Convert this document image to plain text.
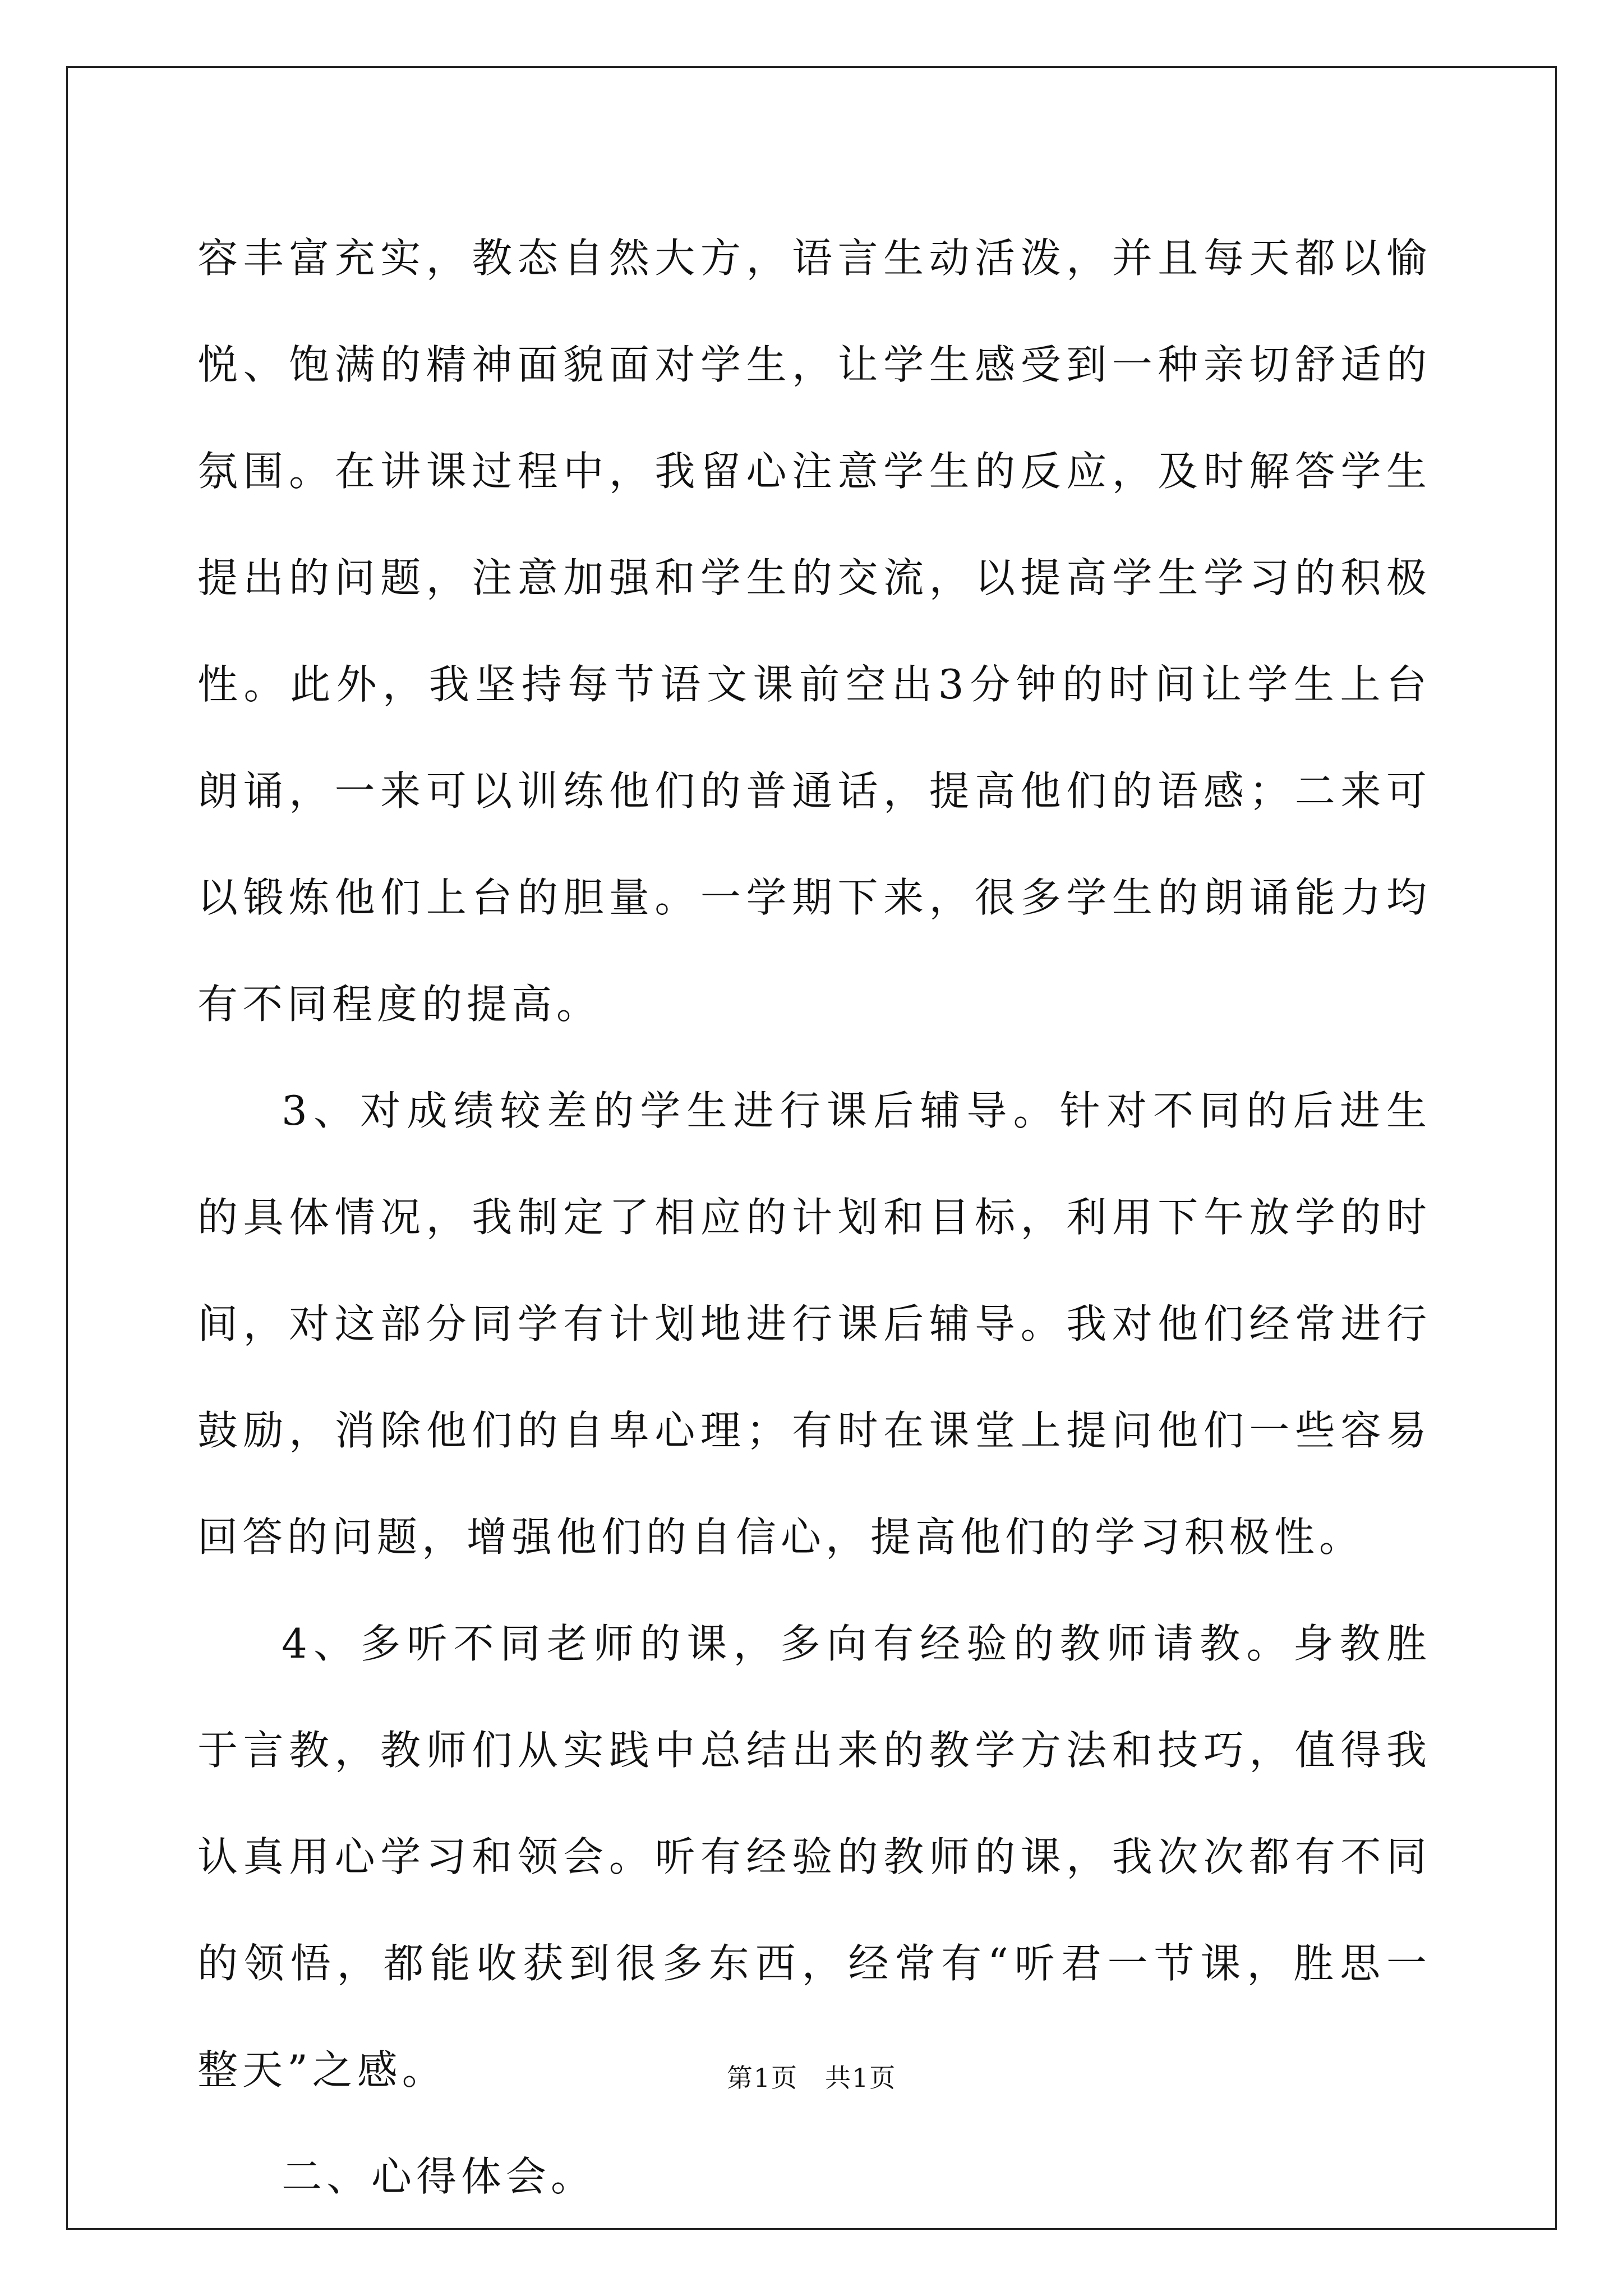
容丰富充实，教态自然大方，语言生动活泼，并且每天都以愉悦、饱满的精神面貌面对学生，让学生感受到一种亲切舒适的氛围。在讲课过程中，我留心注意学生的反应，及时解答学生提出的问题，注意加强和学生的交流，以提高学生学习的积极性。此外，我坚持每节语文课前空出3分钟的时间让学生上台朗诵，一来可以训练他们的普通话，提高他们的语感；二来可以锻炼他们上台的胆量。一学期下来，很多学生的朗诵能力均有不同程度的提高。

3、对成绩较差的学生进行课后辅导。针对不同的后进生的具体情况，我制定了相应的计划和目标，利用下午放学的时间，对这部分同学有计划地进行课后辅导。我对他们经常进行鼓励，消除他们的自卑心理；有时在课堂上提问他们一些容易回答的问题，增强他们的自信心，提高他们的学习积极性。

4、多听不同老师的课，多向有经验的教师请教。身教胜于言教，教师们从实践中总结出来的教学方法和技巧，值得我认真用心学习和领会。听有经验的教师的课，我次次都有不同的领悟，都能收获到很多东西，经常有“听君一节课，胜思一整天”之感。

二、心得体会。

第1页 共1页
